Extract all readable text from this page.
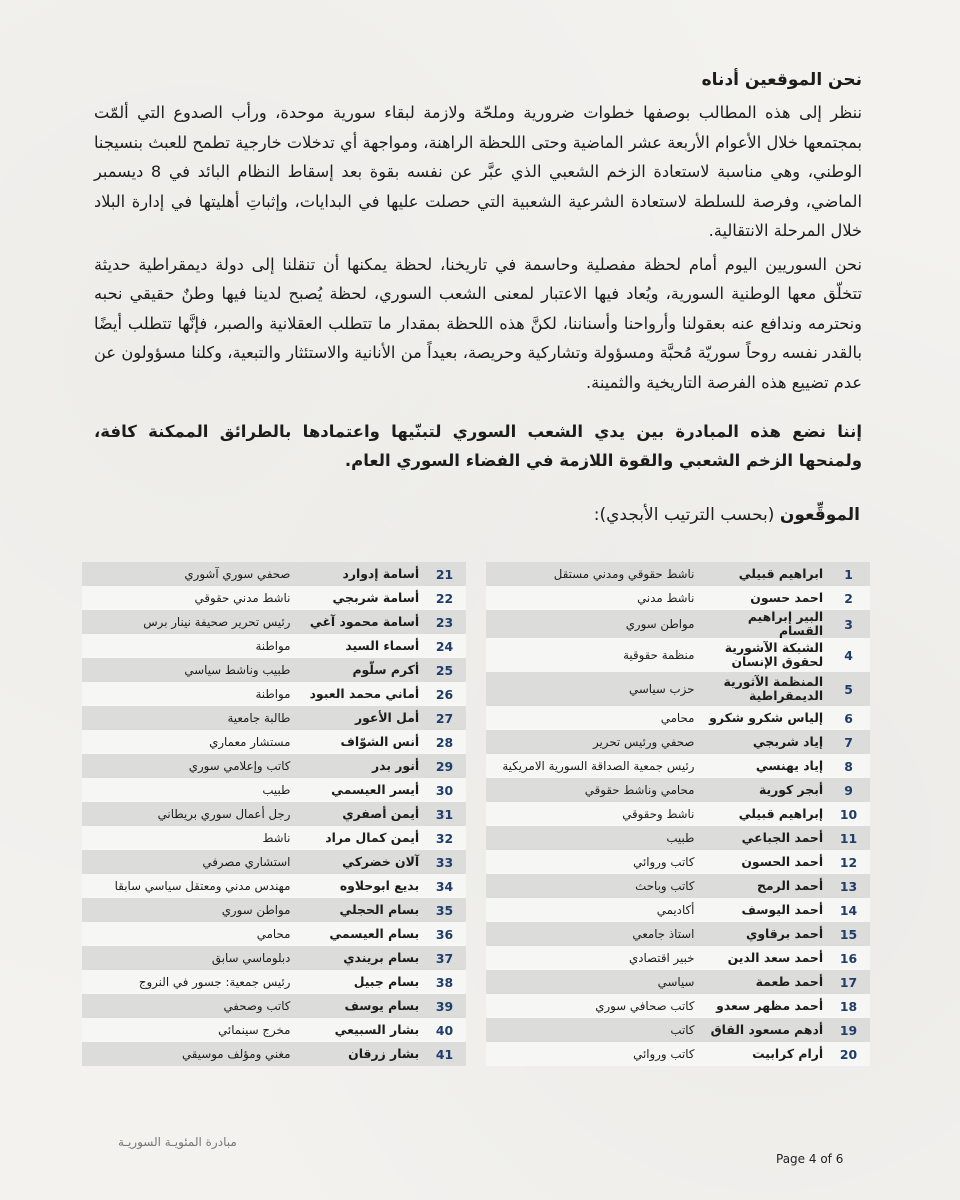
نحن الموقعين أدناه

ننظر إلى هذه المطالب بوصفها خطوات ضرورية وملحّة ولازمة لبقاء سورية موحدة، ورأب الصدوع التي ألمّت بمجتمعها خلال الأعوام الأربعة عشر الماضية وحتى اللحظة الراهنة، ومواجهة أي تدخلات خارجية تطمح للعبث بنسيجنا الوطني، وهي مناسبة لاستعادة الزخم الشعبي الذي عبَّر عن نفسه بقوة بعد إسقاط النظام البائد في 8 ديسمبر الماضي، وفرصة للسلطة لاستعادة الشرعية الشعبية التي حصلت عليها في البدايات، وإثباتِ أهليتها في إدارة البلاد خلال المرحلة الانتقالية.

نحن السوريين اليوم أمام لحظة مفصلية وحاسمة في تاريخنا، لحظة يمكنها أن تنقلنا إلى دولة ديمقراطية حديثة تتخلّق معها الوطنية السورية، ويُعاد فيها الاعتبار لمعنى الشعب السوري، لحظة يُصبح لدينا فيها وطنٌ حقيقي نحبه ونحترمه وندافع عنه بعقولنا وأرواحنا وأسناننا، لكنَّ هذه اللحظة بمقدار ما تتطلب العقلانية والصبر، فإنَّها تتطلب أيضًا بالقدر نفسه روحاً سوريّة مُحبَّة ومسؤولة وتشاركية وحريصة، بعيداً من الأنانية والاستئثار والتبعية، وكلنا مسؤولون عن عدم تضييع هذه الفرصة التاريخية والثمينة.

إننا نضع هذه المبادرة بين يدي الشعب السوري لتبنّيها واعتمادها بالطرائق الممكنة كافة، ولمنحها الزخم الشعبي والقوة اللازمة في الفضاء السوري العام.

الموقِّعون (بحسب الترتيب الأبجدي):
1	ابراهيم قبيلي	ناشط حقوقي ومدني مستقل
2	احمد حسون	ناشط مدني
3	البير إبراهيم القسام	مواطن سوري
4	الشبكة الآشورية لحقوق الإنسان	منظمة حقوقية
5	المنظمة الآثورية الديمقراطية	حزب سياسي
6	إلياس شكرو شكرو	محامي
7	إياد شربجي	صحفي ورئيس تحرير
8	إياد يهنسي	رئيس جمعية الصداقة السورية الامريكية
9	أبجر كورية	محامي وناشط حقوقي
10	إبراهيم قبيلي	ناشط وحقوقي
11	أحمد الجباعي	طبيب
12	أحمد الحسون	كاتب وروائي
13	أحمد الرمح	كاتب وباحث
14	أحمد اليوسف	أكاديمي
15	أحمد برقاوي	استاذ جامعي
16	أحمد سعد الدين	خبير اقتصادي
17	أحمد طعمة	سياسي
18	أحمد مظهر سعدو	كاتب صحافي سوري
19	أدهم مسعود القاق	كاتب
20	أرام كرابيت	كاتب وروائي
21	أسامة إدوارد	صحفي سوري آشوري
22	أسامة شربجي	ناشط مدني حقوقي
23	أسامة محمود آغي	رئيس تحرير صحيفة نينار برس
24	أسماء السيد	مواطنة
25	أكرم سلّوم	طبيب وناشط سياسي
26	أماني محمد العبود	مواطنة
27	أمل الأعور	طالبة جامعية
28	أنس الشوّاف	مستشار معماري
29	أنور بدر	كاتب وإعلامي سوري
30	أيسر العيسمي	طبيب
31	أيمن أصفري	رجل أعمال سوري بريطاني
32	أيمن كمال مراد	ناشط
33	آلان خضركي	استشاري مصرفي
34	بديع ابوحلاوه	مهندس مدني ومعتقل سياسي سابقا
35	بسام الحجلي	مواطن سوري
36	بسام العيسمي	محامي
37	بسام بريندي	دبلوماسي سابق
38	بسام جبيل	رئيس جمعية: جسور في النروج
39	بسام يوسف	كاتب وصحفي
40	بشار السبيعي	مخرج سينمائي
41	بشار زرقان	مغني ومؤلف موسيقي
مبادرة المئويـة السوريـة
Page 4 of 6
